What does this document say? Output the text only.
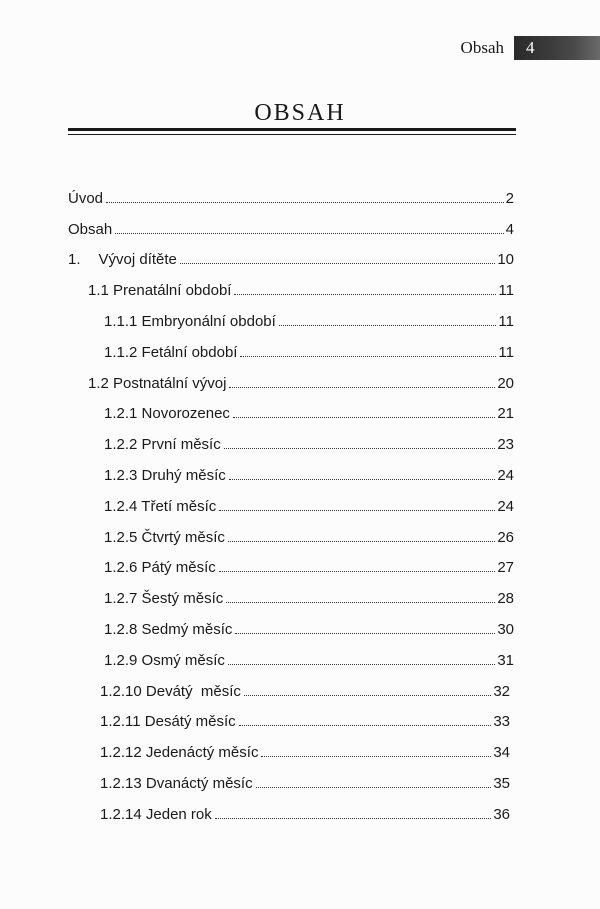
Obsah 4
OBSAH
Úvod	2
Obsah	4
1. Vývoj dítěte	10
1.1 Prenatální období	11
1.1.1 Embryonální období	11
1.1.2 Fetální období	11
1.2 Postnatální vývoj	20
1.2.1 Novorozenec	21
1.2.2 První měsíc	23
1.2.3 Druhý měsíc	24
1.2.4 Třetí měsíc	24
1.2.5 Čtvrtý měsíc	26
1.2.6 Pátý měsíc	27
1.2.7 Šestý měsíc	28
1.2.8 Sedmý měsíc	30
1.2.9 Osmý měsíc	31
1.2.10 Devátý  měsíc	32
1.2.11 Desátý měsíc	33
1.2.12 Jedenáctý měsíc	34
1.2.13 Dvanáctý měsíc	35
1.2.14 Jeden rok	36
